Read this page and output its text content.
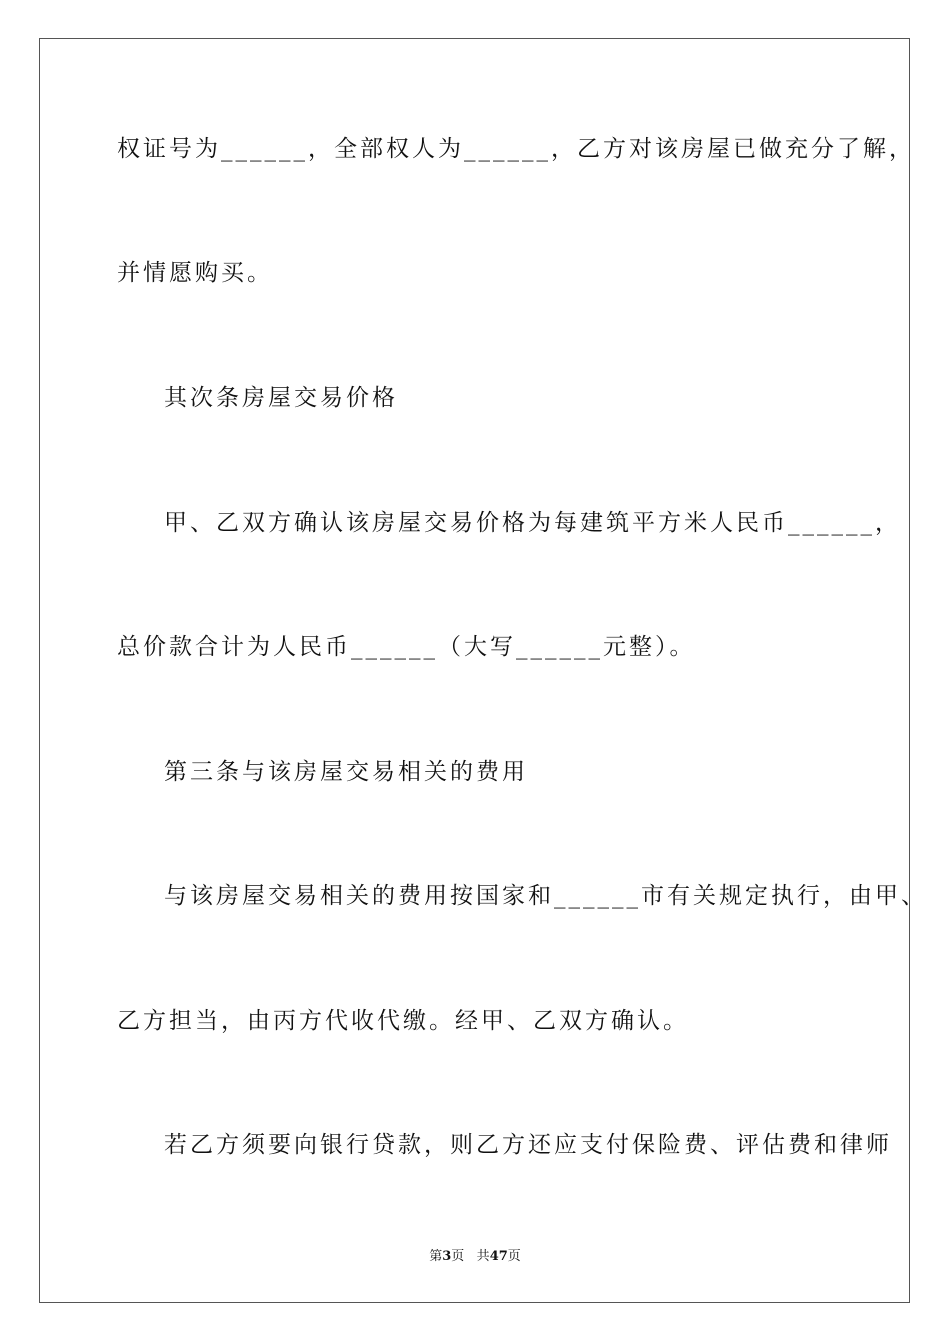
权证号为______，全部权人为______，乙方对该房屋已做充分了解，
并情愿购买。
其次条房屋交易价格
甲、乙双方确认该房屋交易价格为每建筑平方米人民币______，
总价款合计为人民币______（大写______元整）。
第三条与该房屋交易相关的费用
与该房屋交易相关的费用按国家和______市有关规定执行，由甲、
乙方担当，由丙方代收代缴。经甲、乙双方确认。
若乙方须要向银行贷款，则乙方还应支付保险费、评估费和律师
第3页 共47页
